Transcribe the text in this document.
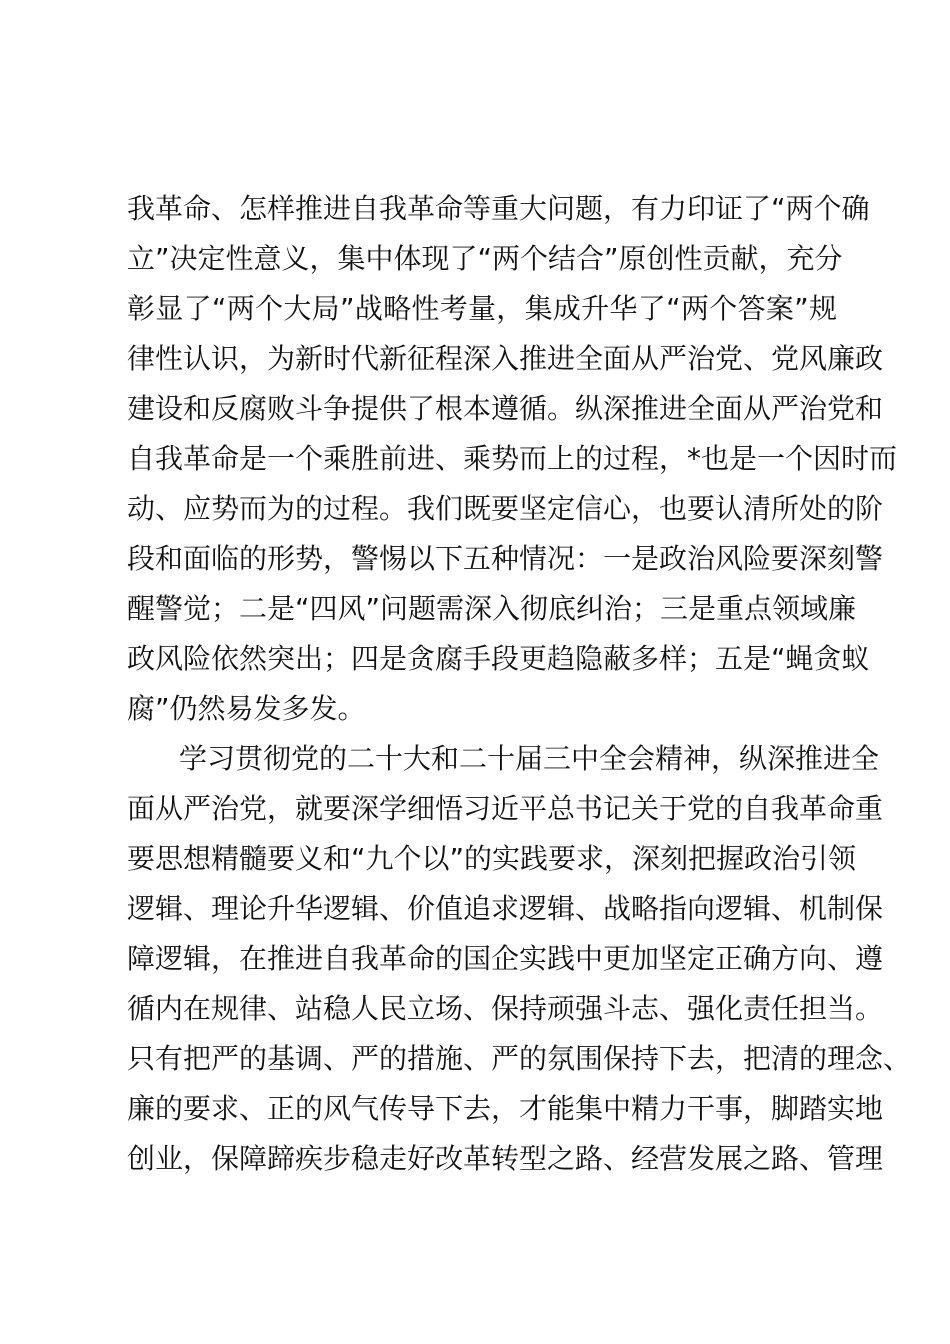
我革命、怎样推进自我革命等重大问题，有力印证了“两个确
立”决定性意义，集中体现了“两个结合”原创性贡献，充分
彰显了“两个大局”战略性考量，集成升华了“两个答案”规
律性认识，为新时代新征程深入推进全面从严治党、党风廉政
建设和反腐败斗争提供了根本遵循。纵深推进全面从严治党和
自我革命是一个乘胜前进、乘势而上的过程，*也是一个因时而
动、应势而为的过程。我们既要坚定信心，也要认清所处的阶
段和面临的形势，警惕以下五种情况：一是政治风险要深刻警
醒警觉；二是“四风”问题需深入彻底纠治；三是重点领域廉
政风险依然突出；四是贪腐手段更趋隐蔽多样；五是“蝇贪蚁
腐”仍然易发多发。
学习贯彻党的二十大和二十届三中全会精神，纵深推进全
面从严治党，就要深学细悟习近平总书记关于党的自我革命重
要思想精髓要义和“九个以”的实践要求，深刻把握政治引领
逻辑、理论升华逻辑、价值追求逻辑、战略指向逻辑、机制保
障逻辑，在推进自我革命的国企实践中更加坚定正确方向、遵
循内在规律、站稳人民立场、保持顽强斗志、强化责任担当。
只有把严的基调、严的措施、严的氛围保持下去，把清的理念、
廉的要求、正的风气传导下去，才能集中精力干事，脚踏实地
创业，保障蹄疾步稳走好改革转型之路、经营发展之路、管理
